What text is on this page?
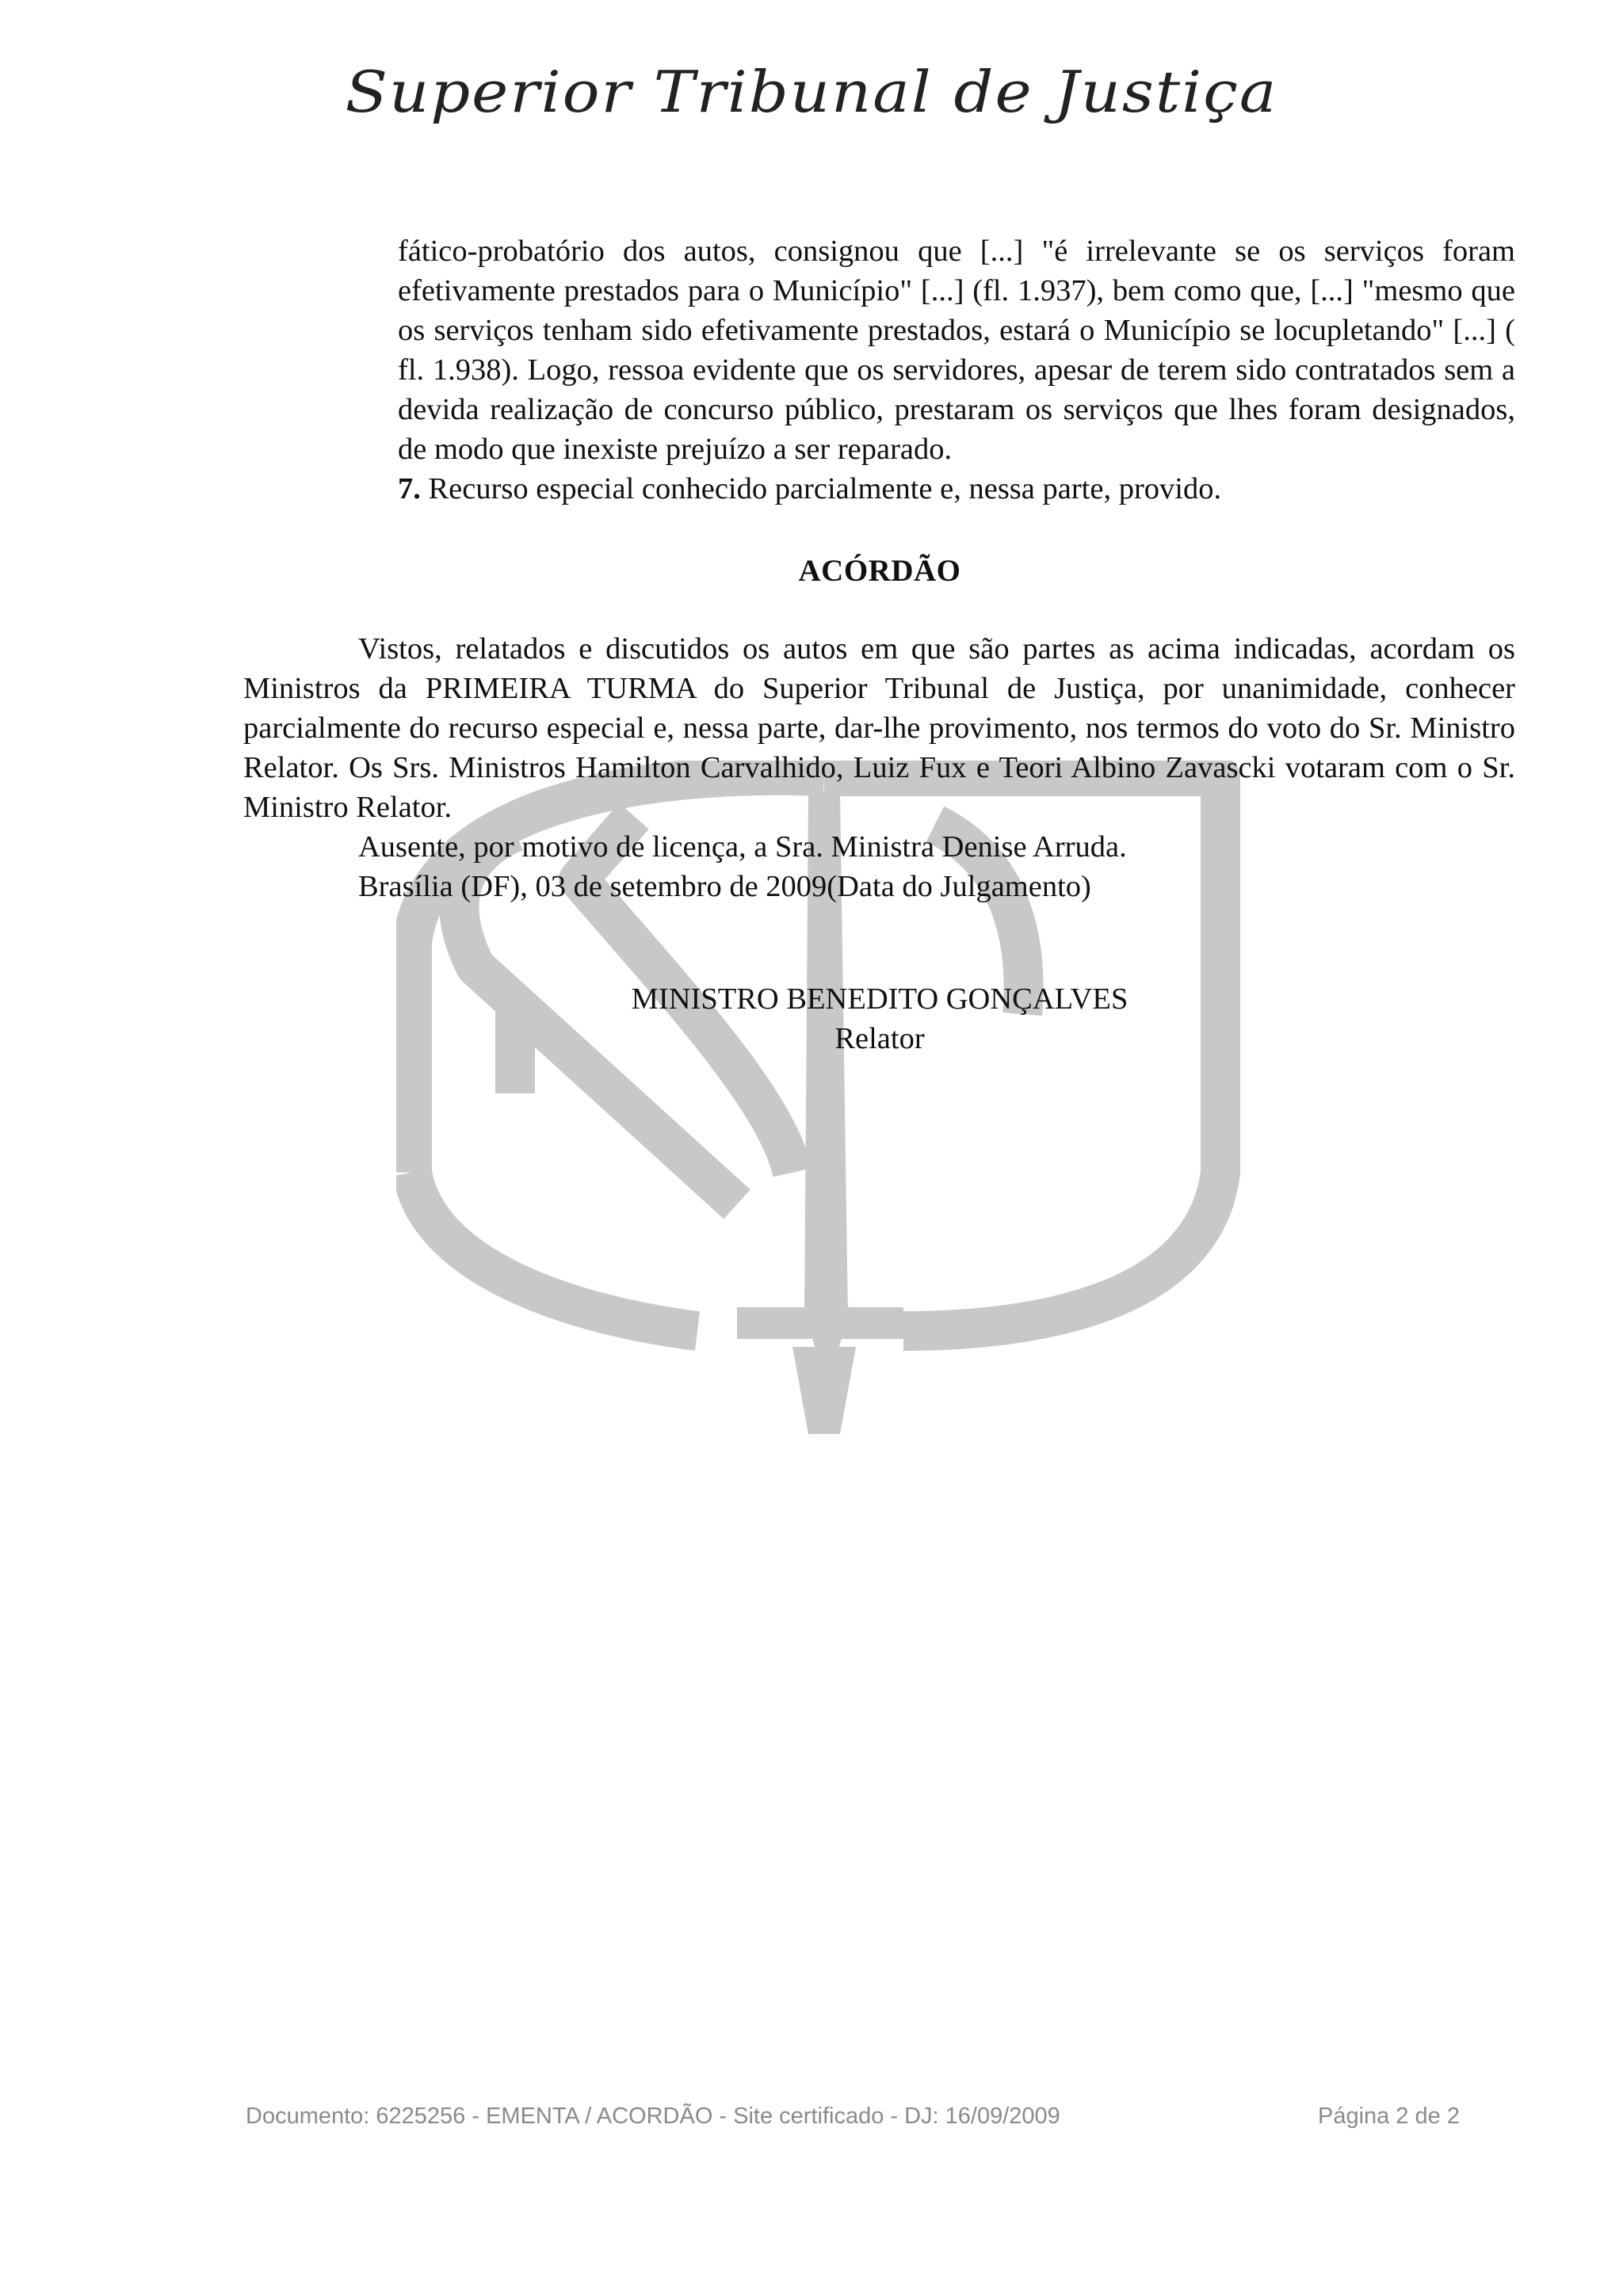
Superior Tribunal de Justiça
fático-probatório dos autos, consignou que [...] "é irrelevante se os serviços foram efetivamente prestados para o Município" [...] (fl. 1.937), bem como que, [...] "mesmo que os serviços tenham sido efetivamente prestados, estará o Município se locupletando" [...] ( fl. 1.938). Logo, ressoa evidente que os servidores, apesar de terem sido contratados sem a devida realização de concurso público, prestaram os serviços que lhes foram designados, de modo que inexiste prejuízo a ser reparado.
7. Recurso especial conhecido parcialmente e, nessa parte, provido.
ACÓRDÃO
Vistos, relatados e discutidos os autos em que são partes as acima indicadas, acordam os Ministros da PRIMEIRA TURMA do Superior Tribunal de Justiça, por unanimidade, conhecer parcialmente do recurso especial e, nessa parte, dar-lhe provimento, nos termos do voto do Sr. Ministro Relator. Os Srs. Ministros Hamilton Carvalhido, Luiz Fux e Teori Albino Zavascki votaram com o Sr. Ministro Relator.
Ausente, por motivo de licença, a Sra. Ministra Denise Arruda.
Brasília (DF), 03 de setembro de 2009(Data do Julgamento)
MINISTRO BENEDITO GONÇALVES
Relator
Documento: 6225256 - EMENTA / ACORDÃO - Site certificado - DJ: 16/09/2009	Página 2 de 2
